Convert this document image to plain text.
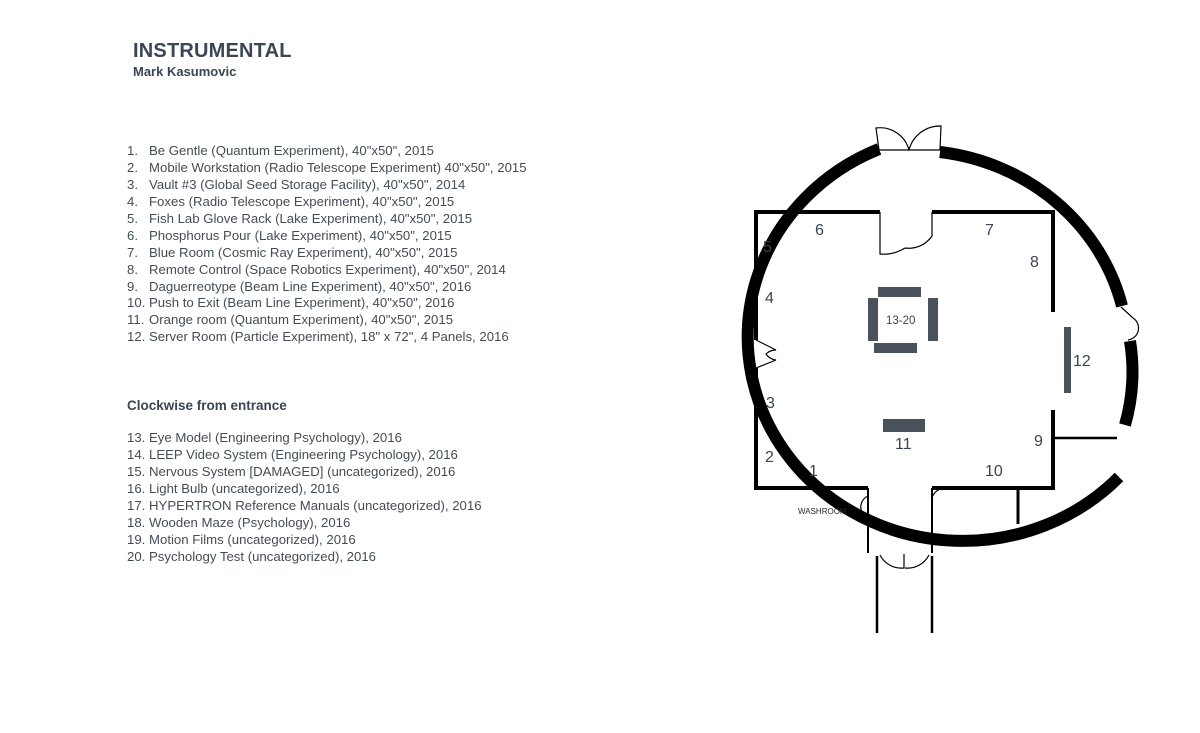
INSTRUMENTAL
Mark Kasumovic
1. Be Gentle (Quantum Experiment), 40"x50", 2015
2. Mobile Workstation (Radio Telescope Experiment) 40"x50", 2015
3. Vault #3 (Global Seed Storage Facility), 40"x50", 2014
4. Foxes (Radio Telescope Experiment), 40"x50", 2015
5. Fish Lab Glove Rack (Lake Experiment), 40"x50", 2015
6. Phosphorus Pour (Lake Experiment), 40"x50", 2015
7. Blue Room (Cosmic Ray Experiment), 40"x50", 2015
8. Remote Control (Space Robotics Experiment), 40"x50", 2014
9. Daguerreotype (Beam Line Experiment), 40"x50", 2016
10. Push to Exit (Beam Line Experiment), 40"x50", 2016
11. Orange room (Quantum Experiment), 40"x50", 2015
12. Server Room (Particle Experiment), 18" x 72", 4 Panels, 2016
Clockwise from entrance
13. Eye Model (Engineering Psychology), 2016
14. LEEP Video System (Engineering Psychology), 2016
15. Nervous System [DAMAGED] (uncategorized), 2016
16. Light Bulb (uncategorized), 2016
17. HYPERTRON Reference Manuals (uncategorized), 2016
18. Wooden Maze (Psychology), 2016
19. Motion Films (uncategorized), 2016
20. Psychology Test (uncategorized), 2016
1
2
3
4
5
6	7
8
9
10
11
12
13-20
WASHROOM
